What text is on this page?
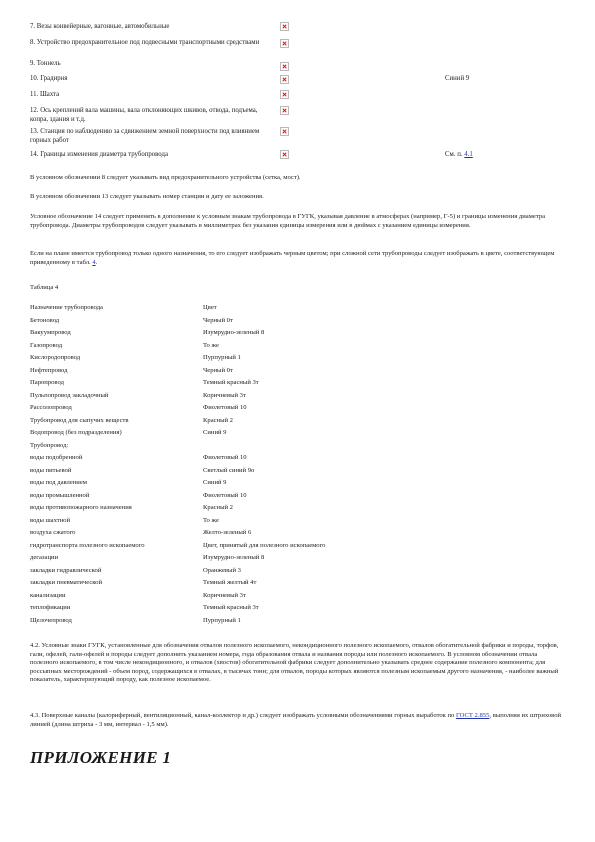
7. Везы конвейерные, вагонные, автомобильные
8. Устройство предохранительное под подвесными транспортными средствами
9. Тоннель
10. Градирня	Синий 9
11. Шахта
12. Ось креплений вала машины, вала отклоняющих шкивов, отвода, подъема, копра, здания и т.д.
13. Станция по наблюдению за сдвижением земной поверхности под влиянием горных работ
14. Границы изменения диаметра трубопровода	См. п. 4.1
В условном обозначении 8 следует указывать вид предохранительного устройства (сетка, мост).
В условном обозначении 13 следует указывать номер станции и дату ее заложения.
Условное обозначение 14 следует применять в дополнение к условным знакам трубопровода в ГУГК, указывая давление в атмосферах (например, Г-5) и границы изменения диаметра трубопровода. Диаметры трубопроводов следует указывать в миллиметрах без указания единицы измерения или в дюймах с указанием единицы измерения.
Если на плане имеется трубопровод только одного назначения, то его следует изображать черным цветом; при сложной сети трубопроводы следует изображать в цвете, соответствующем приведенному в табл. 4.
Таблица 4
Назначение трубопровода	Цвет
Бетоновод	Черный 0т
Вакуумпровод	Изумрудно-зеленый 8
Газопровод	То же
Кислородопровод	Пурпурный 1
Нефтепровод	Черный 0т
Паропровод	Темный красный 3т
Пульпопровод закладочный	Коричневый 3т
Рассолопровод	Фиолетовый 10
Трубопровод для сыпучих веществ	Красный 2
Водопровод (без подразделения)	Синий 9
Трубопровод:
воды подобренной	Фиолетовый 10
воды питьевой	Светлый синий 9о
воды под давлением	Синий 9
воды промышленной	Фиолетовый 10
воды противопожарного назначения	Красный 2
воды шахтной	То же
воздуха сжатого	Желто-зеленый 6
гидротранспорта полезного ископаемого	Цвет, принятый для полезного ископаемого
дегазации	Изумрудно-зеленый 8
закладки гидравлической	Оранжевый 3
закладки пневматической	Темный желтый 4т
канализации	Коричневый 3т
теплофикации	Темный красный 3т
Щелочепровод	Пурпурный 1
4.2. Условные знаки ГУГК, установленные для обозначения отвалов полезного ископаемого, некондиционного полезного ископаемого, отвалов обогатительной фабрики и породы, торфов, гали, офелей, гали-офелей и породы следует дополнить указанием номера, года образования отвала и названия породы или полезного ископаемого. В условном обозначении отвала полезного ископаемого, в том числе некондиционного, и отвалов (хвостов) обогатительной фабрики следует дополнительно указывать среднее содержание полезного компонента; для россыпных месторождений - объем пород, содержащихся в отвалах, в тысячах тонн; для отвалов, породы которых являются полезным ископаемым другого назначения, - наиболее важный показатель, характеризующий породу, как полезное ископаемое.
4.3. Поверхные каналы (калориферный, вентиляционный, канал-коллектор и др.) следует изображать условными обозначениями горных выработок по ГОСТ 2.855, выполняя их штриховой линией (длина штриха - 3 мм, интервал - 1,5 мм).
ПРИЛОЖЕНИЕ 1
